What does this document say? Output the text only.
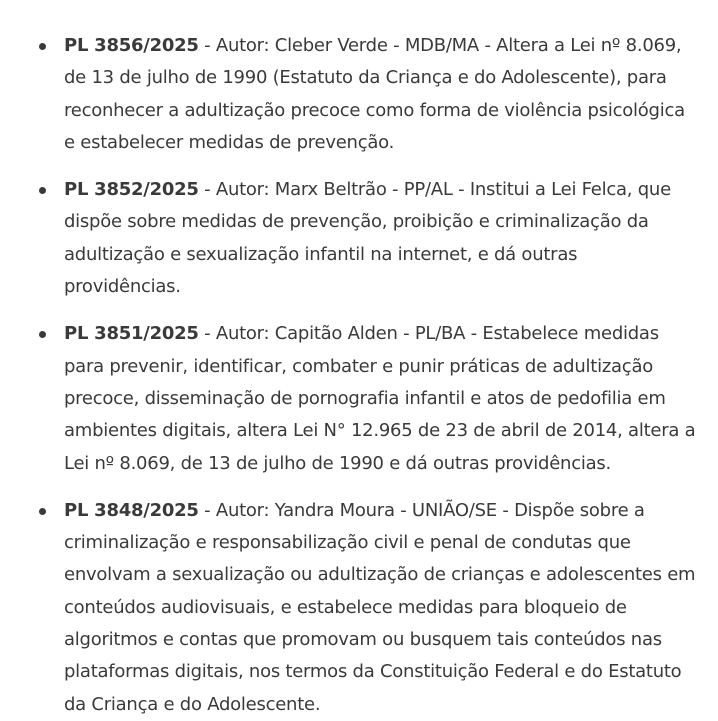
PL 3856/2025 - Autor: Cleber Verde - MDB/MA - Altera a Lei nº 8.069, de 13 de julho de 1990 (Estatuto da Criança e do Adolescente), para reconhecer a adultização precoce como forma de violência psicológica e estabelecer medidas de prevenção.
PL 3852/2025 - Autor: Marx Beltrão - PP/AL - Institui a Lei Felca, que dispõe sobre medidas de prevenção, proibição e criminalização da adultização e sexualização infantil na internet, e dá outras providências.
PL 3851/2025 - Autor: Capitão Alden - PL/BA - Estabelece medidas para prevenir, identificar, combater e punir práticas de adultização precoce, disseminação de pornografia infantil e atos de pedofilia em ambientes digitais, altera Lei N° 12.965 de 23 de abril de 2014, altera a Lei nº 8.069, de 13 de julho de 1990 e dá outras providências.
PL 3848/2025 - Autor: Yandra Moura - UNIÃO/SE - Dispõe sobre a criminalização e responsabilização civil e penal de condutas que envolvam a sexualização ou adultização de crianças e adolescentes em conteúdos audiovisuais, e estabelece medidas para bloqueio de algoritmos e contas que promovam ou busquem tais conteúdos nas plataformas digitais, nos termos da Constituição Federal e do Estatuto da Criança e do Adolescente.
